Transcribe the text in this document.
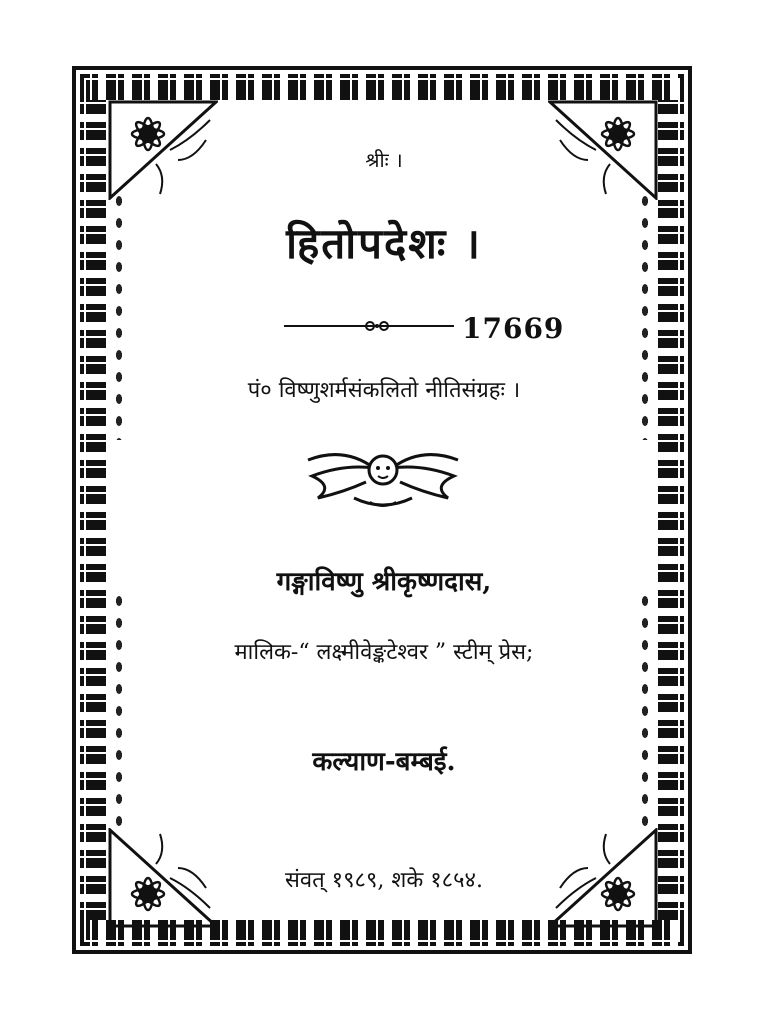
श्रीः ।
हितोपदेशः ।
17669
पं० विष्णुशर्मसंकलितो नीतिसंग्रहः ।
गङ्गाविष्णु श्रीकृष्णदास,
मालिक-“ लक्ष्मीवेङ्कटेश्वर ” स्टीम् प्रेस;
कल्याण-बम्बई.
संवत् १९८९, शके १८५४.
